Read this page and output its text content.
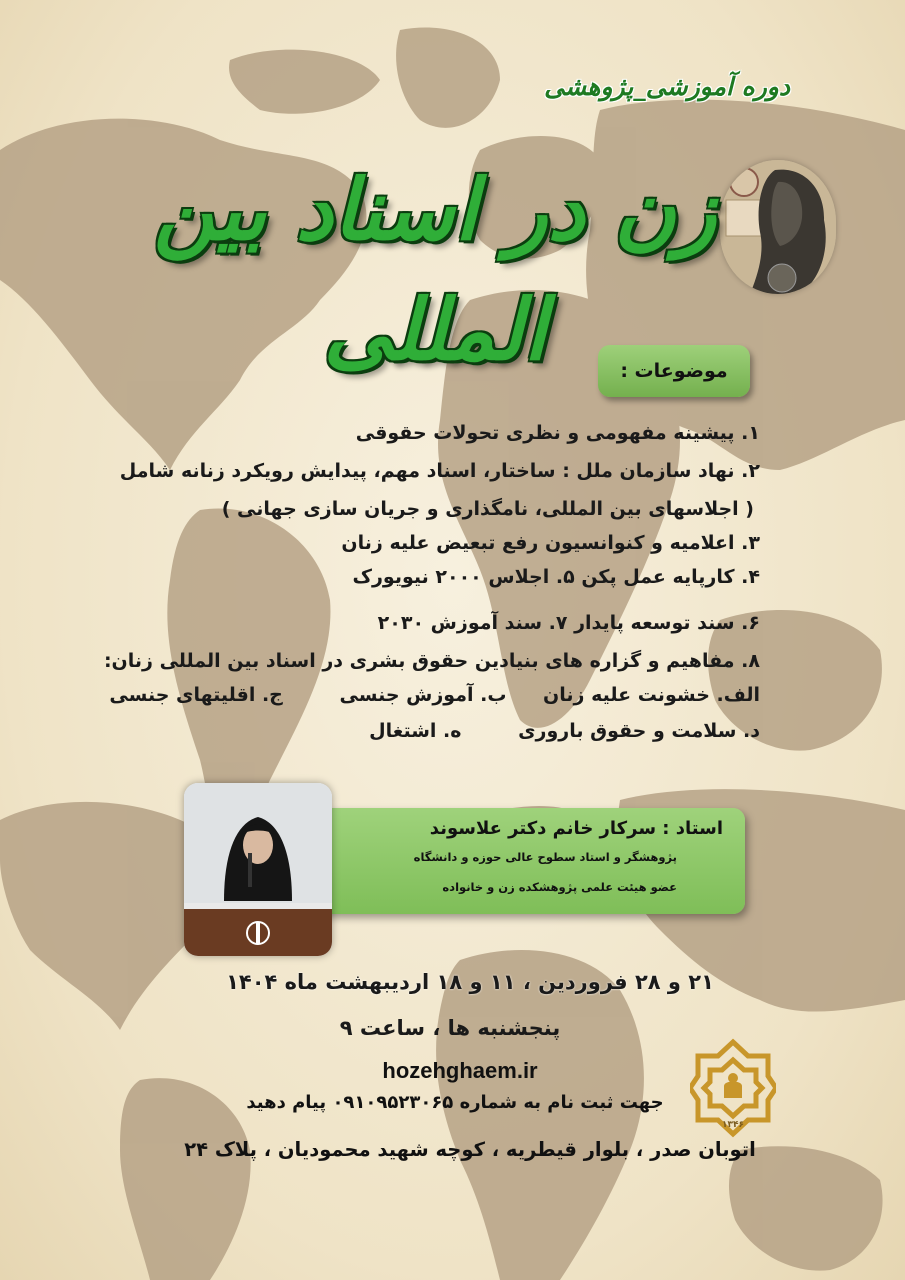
دوره آموزشی_پژوهشی
زن در اسناد بین المللی	موضوعات :
۱. پیشینه مفهومی و نظری تحولات حقوقی
۲. نهاد سازمان ملل : ساختار، اسناد مهم، پیدایش رویکرد زنانه شامل
( اجلاسهای بین المللی، نامگذاری و جریان سازی جهانی )
۳. اعلامیه و کنوانسیون رفع تبعیض علیه زنان
۴. کارپایه عمل پکن ۵. اجلاس ۲۰۰۰ نیویورک
۶. سند توسعه پایدار ۷. سند آموزش ۲۰۳۰
۸. مفاهیم و گزاره های بنیادین حقوق بشری در اسناد بین المللی زنان:
الف. خشونت علیه زنان ب. آموزش جنسی ج. اقلیتهای جنسی
د. سلامت و حقوق باروری ه. اشتغال
استاد : سرکار خانم دکتر علاسوند
پژوهشگر و استاد سطوح عالی حوزه و دانشگاه
عضو هیئت علمی پژوهشکده زن و خانواده
۲۱ و ۲۸ فروردین ، ۱۱ و ۱۸ اردیبهشت ماه ۱۴۰۴
پنجشنبه ها ، ساعت ۹
hozehghaem.ir
جهت ثبت نام به شماره ۰۹۱۰۹۵۲۳۰۶۵ پیام دهید
اتوبان صدر ، بلوار قیطریه ، کوچه شهید محمودیان ، پلاک ۲۴
۱۳۴۶
